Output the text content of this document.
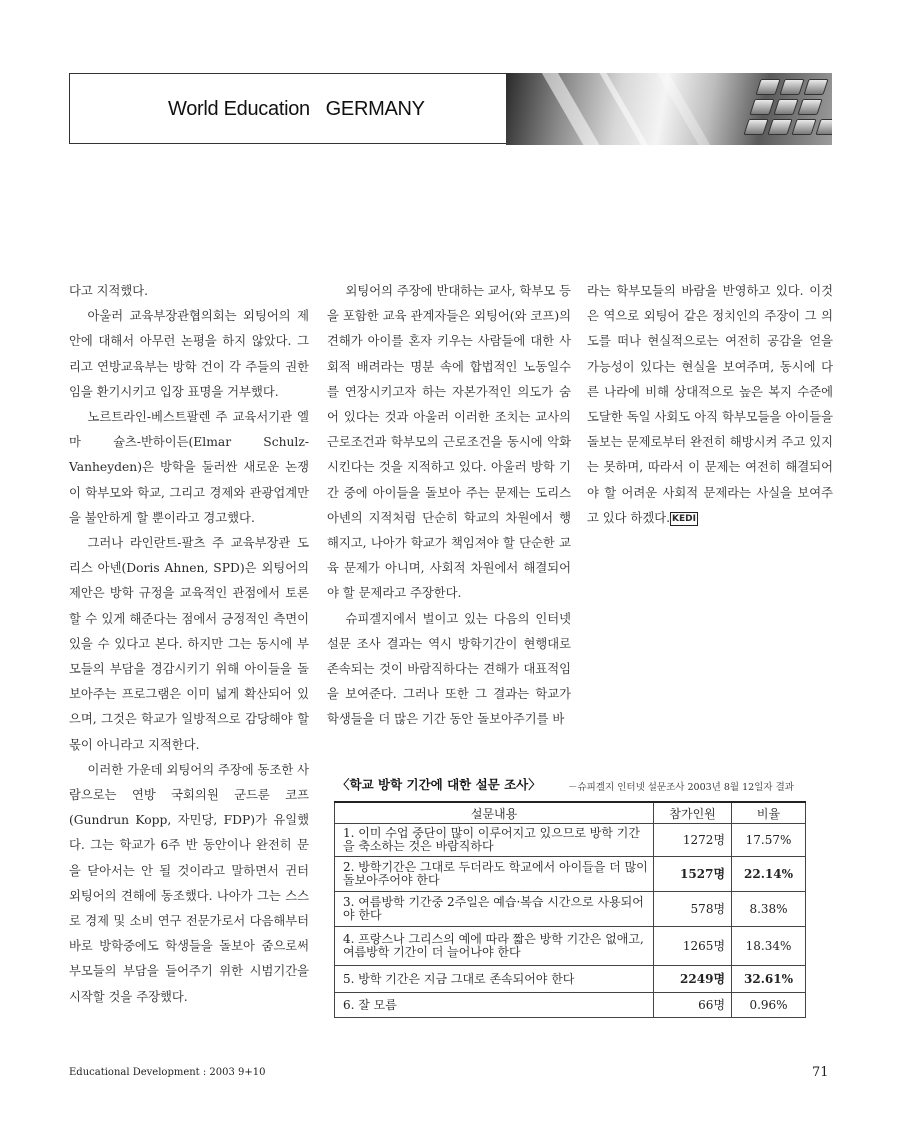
World Education   GERMANY

다고 지적했다.

아울러 교육부장관협의회는 외팅어의 제안에 대해서 아무런 논평을 하지 않았다. 그리고 연방교육부는 방학 건이 각 주들의 권한임을 환기시키고 입장 표명을 거부했다.

노르트라인-베스트팔렌 주 교육서기관 엘마 슐츠-반하이든(Elmar Schulz-Vanheyden)은 방학을 둘러싼 새로운 논쟁이 학부모와 학교, 그리고 경제와 관광업계만을 불안하게 할 뿐이라고 경고했다.

그러나 라인란트-팔츠 주 교육부장관 도리스 아넨(Doris Ahnen, SPD)은 외팅어의 제안은 방학 규정을 교육적인 관점에서 토론할 수 있게 해준다는 점에서 긍정적인 측면이 있을 수 있다고 본다. 하지만 그는 동시에 부모들의 부담을 경감시키기 위해 아이들을 돌보아주는 프로그램은 이미 넓게 확산되어 있으며, 그것은 학교가 일방적으로 감당해야 할 몫이 아니라고 지적한다.

이러한 가운데 외팅어의 주장에 동조한 사람으로는 연방 국회의원 군드룬 코프(Gundrun Kopp, 자민당, FDP)가 유일했다. 그는 학교가 6주 반 동안이나 완전히 문을 닫아서는 안 될 것이라고 말하면서 귄터 외팅어의 견해에 동조했다. 나아가 그는 스스로 경제 및 소비 연구 전문가로서 다음해부터 바로 방학중에도 학생들을 돌보아 줌으로써 부모들의 부담을 들어주기 위한 시범기간을 시작할 것을 주장했다.

외팅어의 주장에 반대하는 교사, 학부모 등을 포함한 교육 관계자들은 외팅어(와 코프)의 견해가 아이를 혼자 키우는 사람들에 대한 사회적 배려라는 명분 속에 합법적인 노동일수를 연장시키고자 하는 자본가적인 의도가 숨어 있다는 것과 아울러 이러한 조치는 교사의 근로조건과 학부모의 근로조건을 동시에 악화시킨다는 것을 지적하고 있다. 아울러 방학 기간 중에 아이들을 돌보아 주는 문제는 도리스 아넨의 지적처럼 단순히 학교의 차원에서 행해지고, 나아가 학교가 책임져야 할 단순한 교육 문제가 아니며, 사회적 차원에서 해결되어야 할 문제라고 주장한다.

슈피겔지에서 벌이고 있는 다음의 인터넷 설문 조사 결과는 역시 방학기간이 현행대로 존속되는 것이 바람직하다는 견해가 대표적임을 보여준다. 그러나 또한 그 결과는 학교가 학생들을 더 많은 기간 동안 돌보아주기를 바

라는 학부모들의 바람을 반영하고 있다. 이것은 역으로 외팅어 같은 정치인의 주장이 그 의도를 떠나 현실적으로는 여전히 공감을 얻을 가능성이 있다는 현실을 보여주며, 동시에 다른 나라에 비해 상대적으로 높은 복지 수준에 도달한 독일 사회도 아직 학부모들을 아이들을 돌보는 문제로부터 완전히 해방시켜 주고 있지는 못하며, 따라서 이 문제는 여전히 해결되어야 할 어려운 사회적 문제라는 사실을 보여주고 있다 하겠다. KEDI

〈학교 방학 기간에 대한 설문 조사〉	－슈피겔지 인터넷 설문조사 2003년 8월 12일자 결과
설문내용	참가인원	비율
1. 이미 수업 중단이 많이 이루어지고 있으므로 방학 기간을 축소하는 것은 바람직하다	1272명	17.57%
2. 방학기간은 그대로 두더라도 학교에서 아이들을 더 많이 돌보아주어야 한다	1527명	22.14%
3. 여름방학 기간중 2주일은 예습·복습 시간으로 사용되어야 한다	578명	8.38%
4. 프랑스나 그리스의 예에 따라 짧은 방학 기간은 없애고, 여름방학 기간이 더 늘어나야 한다	1265명	18.34%
5. 방학 기간은 지금 그대로 존속되어야 한다	2249명	32.61%
6. 잘 모름	66명	0.96%
Educational Development : 2003 9+10	71
